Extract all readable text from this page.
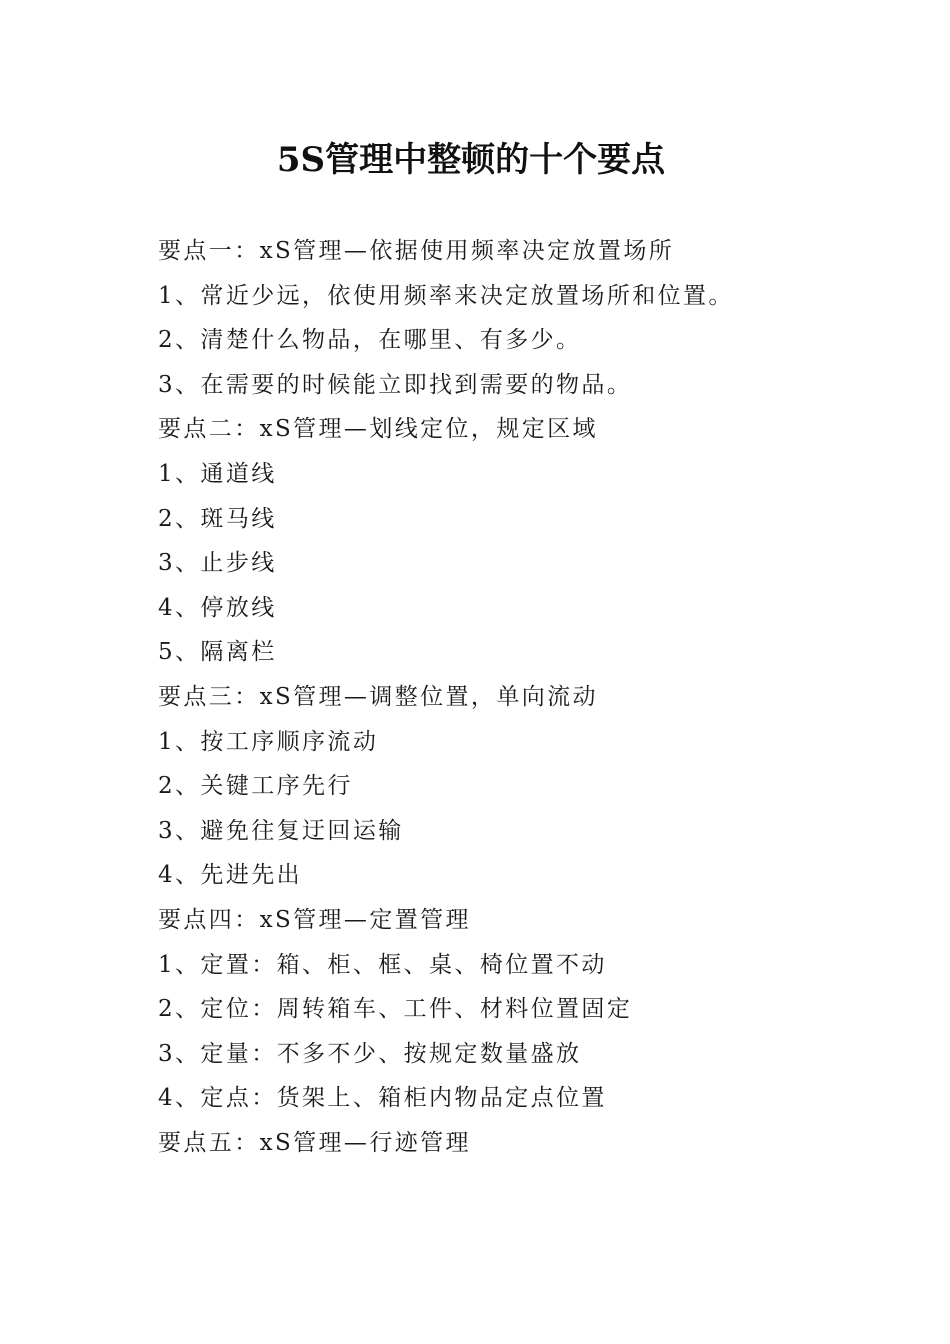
5S管理中整顿的十个要点
要点一：xS管理—依据使用频率决定放置场所
1、常近少远，依使用频率来决定放置场所和位置。
2、清楚什么物品，在哪里、有多少。
3、在需要的时候能立即找到需要的物品。
要点二：xS管理—划线定位，规定区域
1、通道线
2、斑马线
3、止步线
4、停放线
5、隔离栏
要点三：xS管理—调整位置，单向流动
1、按工序顺序流动
2、关键工序先行
3、避免往复迂回运输
4、先进先出
要点四：xS管理—定置管理
1、定置：箱、柜、框、桌、椅位置不动
2、定位：周转箱车、工件、材料位置固定
3、定量：不多不少、按规定数量盛放
4、定点：货架上、箱柜内物品定点位置
要点五：xS管理—行迹管理
